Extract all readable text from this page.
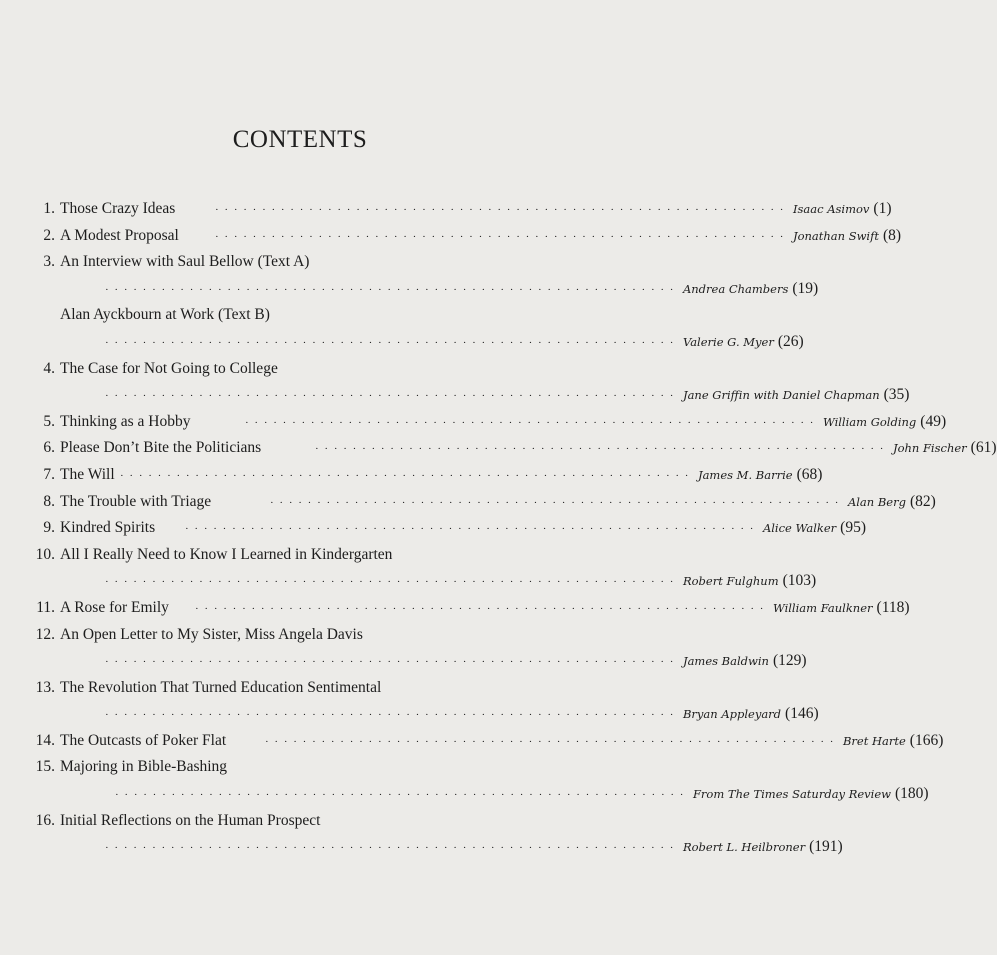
CONTENTS
1. Those Crazy Ideas	· · · · · · · · · · · · · · · · · · · · · · · · · · · · · · · · · · · · · · · · · · · · · · · · · · · · · · · · · · · · · Isaac Asimov (1)
2. A Modest Proposal	· · · · · · · · · · · · · · · · · · · · · · · · · · · · · · · · · · · · · · · · · · · · · · · · · · · · · · · · · · · · · Jonathan Swift (8)
3. An Interview with Saul Bellow (Text A)
· · · · · · · · · · · · · · · · · · · · · · · · · · · · · · · · · · · · · · · · · · · · · · · · · · · · · · · · · · · · · Andrea Chambers (19)
Alan Ayckbourn at Work (Text B)
· · · · · · · · · · · · · · · · · · · · · · · · · · · · · · · · · · · · · · · · · · · · · · · · · · · · · · · · · · · · · Valerie G. Myer (26)
4. The Case for Not Going to College
· · · · · · · · · · · · · · · · · · · · · · · · · · · · · · · · · · · · · · · · · · · · · · · · · · · · · · · · · · · · · Jane Griffin with Daniel Chapman (35)
5. Thinking as a Hobby	· · · · · · · · · · · · · · · · · · · · · · · · · · · · · · · · · · · · · · · · · · · · · · · · · · · · · · · · · · · · · William Golding (49)
6. Please Don’t Bite the Politicians	· · · · · · · · · · · · · · · · · · · · · · · · · · · · · · · · · · · · · · · · · · · · · · · · · · · · · · · · · · · · · John Fischer (61)
7. The Will · · · · · · · · · · · · · · · · · · · · · · · · · · · · · · · · · · · · · · · · · · · · · · · · · · · · · · · · · · · · · James M. Barrie (68)
8. The Trouble with Triage	· · · · · · · · · · · · · · · · · · · · · · · · · · · · · · · · · · · · · · · · · · · · · · · · · · · · · · · · · · · · · Alan Berg (82)
9. Kindred Spirits	· · · · · · · · · · · · · · · · · · · · · · · · · · · · · · · · · · · · · · · · · · · · · · · · · · · · · · · · · · · · · Alice Walker (95)
10. All I Really Need to Know I Learned in Kindergarten
· · · · · · · · · · · · · · · · · · · · · · · · · · · · · · · · · · · · · · · · · · · · · · · · · · · · · · · · · · · · · Robert Fulghum (103)
11. A Rose for Emily · · · · · · · · · · · · · · · · · · · · · · · · · · · · · · · · · · · · · · · · · · · · · · · · · · · · · · · · · · · · · William Faulkner (118)
12. An Open Letter to My Sister, Miss Angela Davis
· · · · · · · · · · · · · · · · · · · · · · · · · · · · · · · · · · · · · · · · · · · · · · · · · · · · · · · · · · · · · James Baldwin (129)
13. The Revolution That Turned Education Sentimental
· · · · · · · · · · · · · · · · · · · · · · · · · · · · · · · · · · · · · · · · · · · · · · · · · · · · · · · · · · · · · Bryan Appleyard (146)
14. The Outcasts of Poker Flat	· · · · · · · · · · · · · · · · · · · · · · · · · · · · · · · · · · · · · · · · · · · · · · · · · · · · · · · · · · · · · Bret Harte (166)
15. Majoring in Bible-Bashing
· · · · · · · · · · · · · · · · · · · · · · · · · · · · · · · · · · · · · · · · · · · · · · · · · · · · · · · · · · · · · From The Times Saturday Review (180)
16. Initial Reflections on the Human Prospect
· · · · · · · · · · · · · · · · · · · · · · · · · · · · · · · · · · · · · · · · · · · · · · · · · · · · · · · · · · · · · Robert L. Heilbroner (191)
